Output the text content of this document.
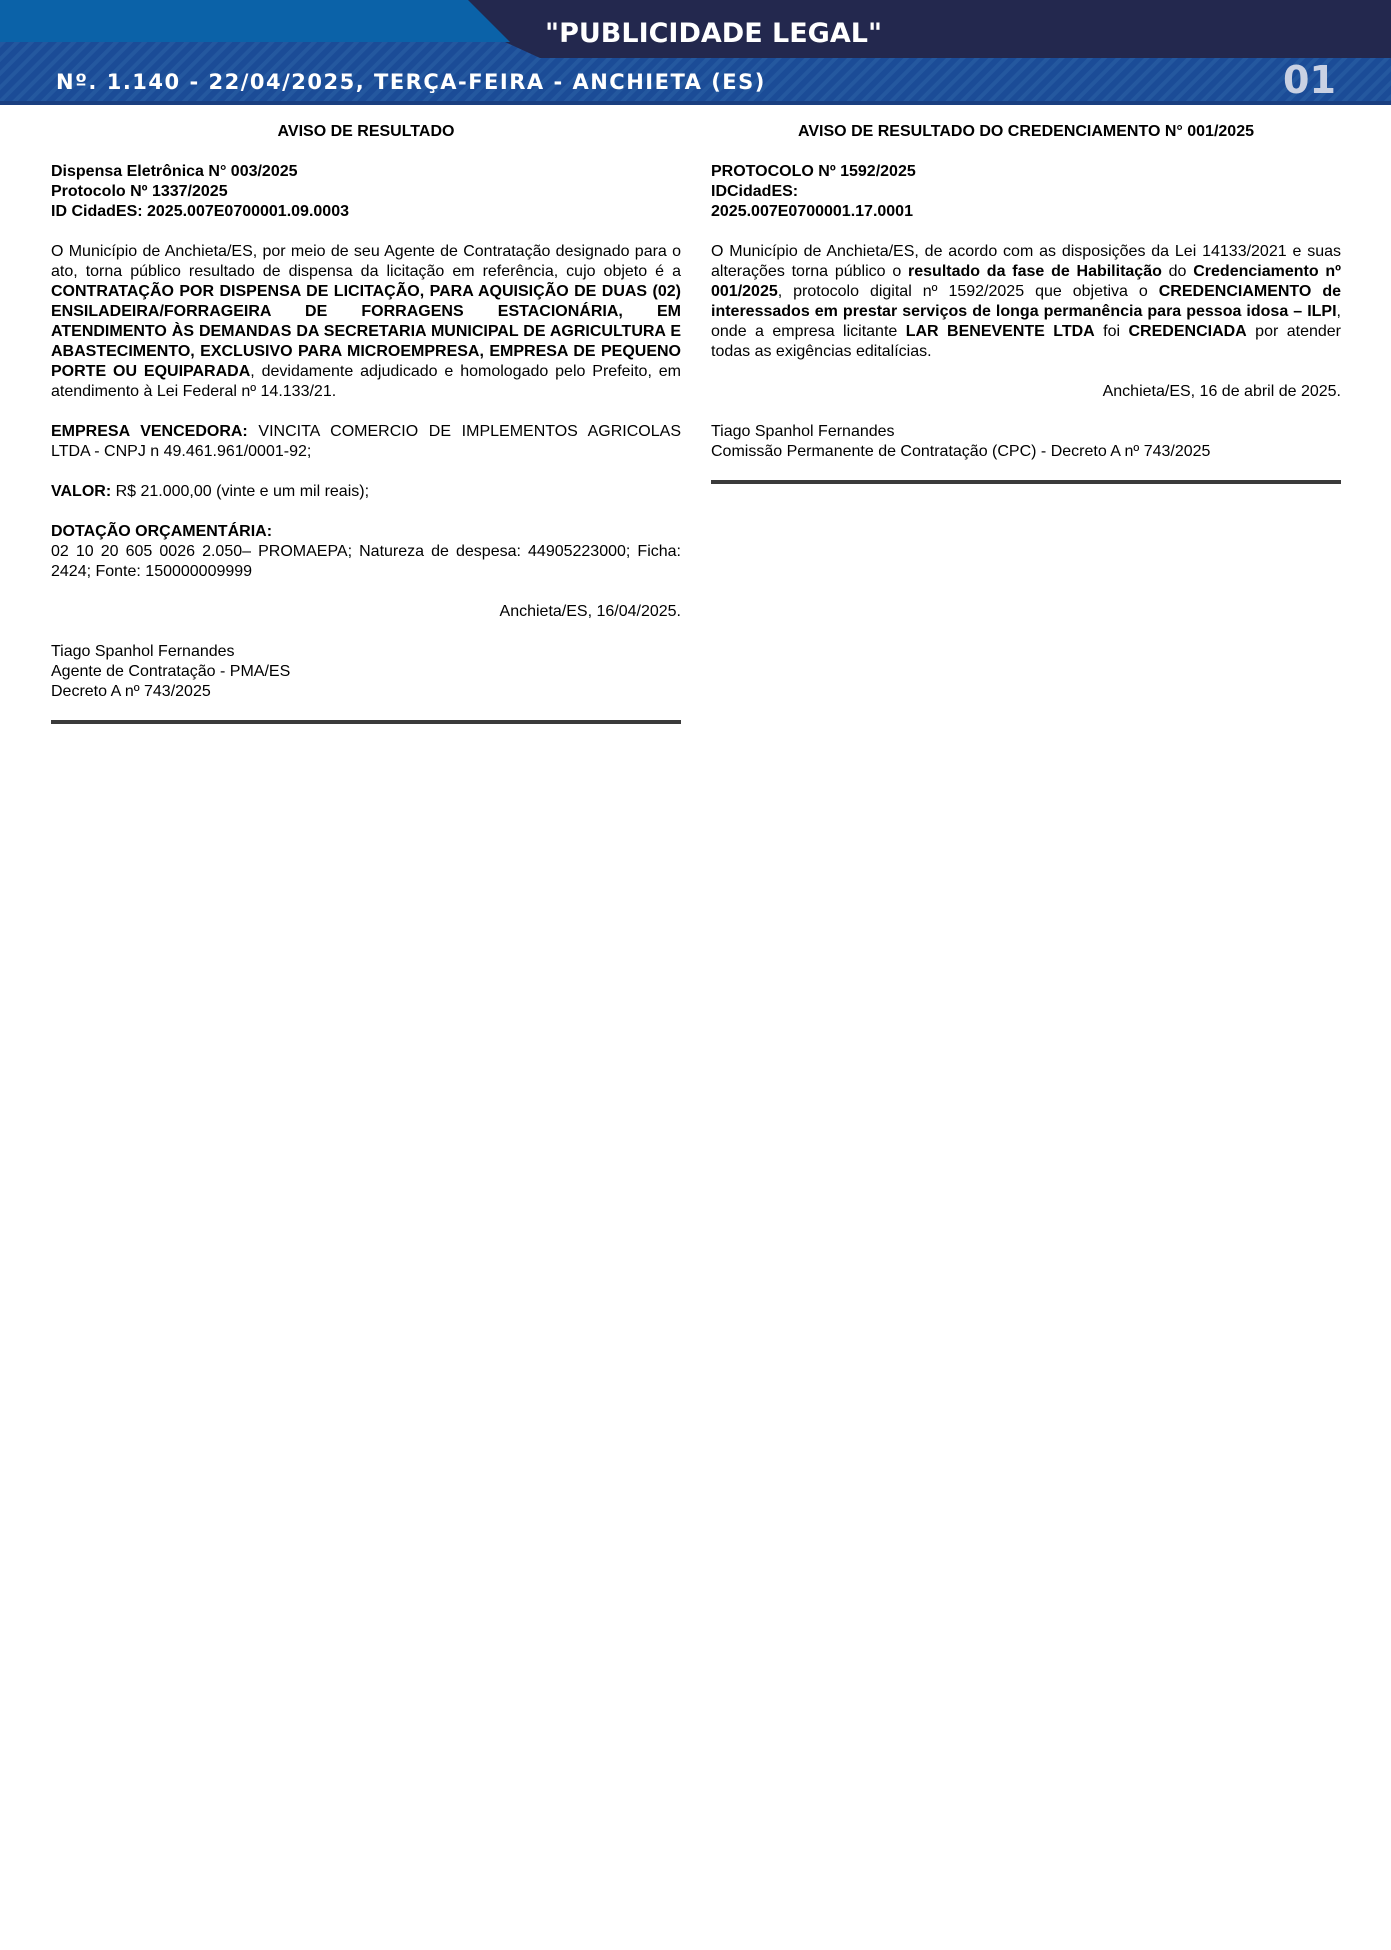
"PUBLICIDADE LEGAL"
Nº. 1.140 - 22/04/2025, TERÇA-FEIRA - ANCHIETA (ES)	01
AVISO DE RESULTADO
Dispensa Eletrônica N° 003/2025
Protocolo Nº 1337/2025
ID CidadES: 2025.007E0700001.09.0003
O Município de Anchieta/ES, por meio de seu Agente de Contratação designado para o ato, torna público resultado de dispensa da licitação em referência, cujo objeto é a CONTRATAÇÃO POR DISPENSA DE LICITAÇÃO, PARA AQUISIÇÃO DE DUAS (02) ENSILADEIRA/FORRAGEIRA DE FORRAGENS ESTACIONÁRIA, EM ATENDIMENTO ÀS DEMANDAS DA SECRETARIA MUNICIPAL DE AGRICULTURA E ABASTECIMENTO, EXCLUSIVO PARA MICROEMPRESA, EMPRESA DE PEQUENO PORTE OU EQUIPARADA, devidamente adjudicado e homologado pelo Prefeito, em atendimento à Lei Federal nº 14.133/21.
EMPRESA VENCEDORA: VINCITA COMERCIO DE IMPLEMENTOS AGRICOLAS LTDA - CNPJ n 49.461.961/0001-92;
VALOR: R$ 21.000,00 (vinte e um mil reais);
DOTAÇÃO ORÇAMENTÁRIA:
02 10 20 605 0026 2.050– PROMAEPA; Natureza de despesa: 44905223000; Ficha: 2424; Fonte: 150000009999
Anchieta/ES, 16/04/2025.
Tiago Spanhol Fernandes
Agente de Contratação - PMA/ES
Decreto A nº 743/2025
AVISO DE RESULTADO DO CREDENCIAMENTO N° 001/2025
PROTOCOLO Nº 1592/2025
IDCidadES:
2025.007E0700001.17.0001
O Município de Anchieta/ES, de acordo com as disposições da Lei 14133/2021 e suas alterações torna público o resultado da fase de Habilitação do Credenciamento nº 001/2025, protocolo digital nº 1592/2025 que objetiva o CREDENCIAMENTO de interessados em prestar serviços de longa permanência para pessoa idosa – ILPI, onde a empresa licitante LAR BENEVENTE LTDA foi CREDENCIADA por atender todas as exigências editalícias.
Anchieta/ES, 16 de abril de 2025.
Tiago Spanhol Fernandes
Comissão Permanente de Contratação (CPC) - Decreto A nº 743/2025
